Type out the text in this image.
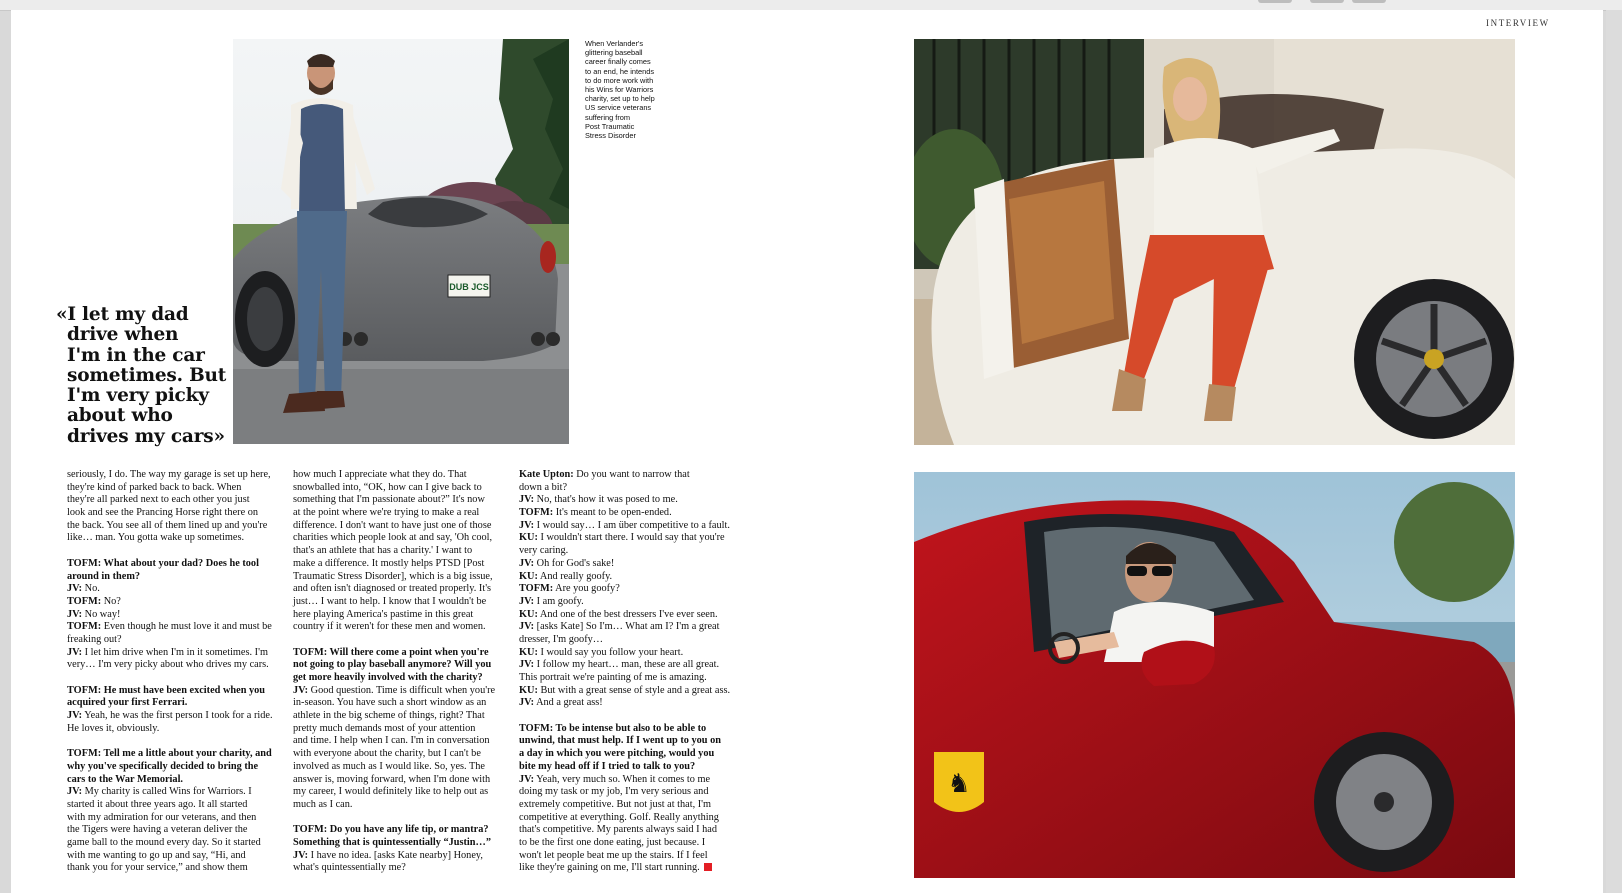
INTERVIEW
DUB JCS
When Verlander's
glittering baseball
career finally comes
to an end, he intends
to do more work with
his Wins for Warriors
charity, set up to help
US service veterans
suffering from
Post Traumatic
Stress Disorder
♞
«I let my dad
drive when
I'm in the car
sometimes. But
I'm very picky
about who
drives my cars»
seriously, I do. The way my garage is set up here,
they're kind of parked back to back. When
they're all parked next to each other you just
look and see the Prancing Horse right there on
the back. You see all of them lined up and you're
like… man. You gotta wake up sometimes.
TOFM: What about your dad? Does he tool
around in them?
JV: No.
TOFM: No?
JV: No way!
TOFM: Even though he must love it and must be
freaking out?
JV: I let him drive when I'm in it sometimes. I'm
very… I'm very picky about who drives my cars.
TOFM: He must have been excited when you
acquired your first Ferrari.
JV: Yeah, he was the first person I took for a ride.
He loves it, obviously.
TOFM: Tell me a little about your charity, and
why you've specifically decided to bring the
cars to the War Memorial.
JV: My charity is called Wins for Warriors. I
started it about three years ago. It all started
with my admiration for our veterans, and then
the Tigers were having a veteran deliver the
game ball to the mound every day. So it started
with me wanting to go up and say, “Hi, and
thank you for your service,” and show them
how much I appreciate what they do. That
snowballed into, “OK, how can I give back to
something that I'm passionate about?” It's now
at the point where we're trying to make a real
difference. I don't want to have just one of those
charities which people look at and say, 'Oh cool,
that's an athlete that has a charity.' I want to
make a difference. It mostly helps PTSD [Post
Traumatic Stress Disorder], which is a big issue,
and often isn't diagnosed or treated properly. It's
just… I want to help. I know that I wouldn't be
here playing America's pastime in this great
country if it weren't for these men and women.
TOFM: Will there come a point when you're
not going to play baseball anymore? Will you
get more heavily involved with the charity?
JV: Good question. Time is difficult when you're
in-season. You have such a short window as an
athlete in the big scheme of things, right? That
pretty much demands most of your attention
and time. I help when I can. I'm in conversation
with everyone about the charity, but I can't be
involved as much as I would like. So, yes. The
answer is, moving forward, when I'm done with
my career, I would definitely like to help out as
much as I can.
TOFM: Do you have any life tip, or mantra?
Something that is quintessentially “Justin…”
JV: I have no idea. [asks Kate nearby] Honey,
what's quintessentially me?
Kate Upton: Do you want to narrow that
down a bit?
JV: No, that's how it was posed to me.
TOFM: It's meant to be open-ended.
JV: I would say… I am über competitive to a fault.
KU: I wouldn't start there. I would say that you're
very caring.
JV: Oh for God's sake!
KU: And really goofy.
TOFM: Are you goofy?
JV: I am goofy.
KU: And one of the best dressers I've ever seen.
JV: [asks Kate] So I'm… What am I? I'm a great
dresser, I'm goofy…
KU: I would say you follow your heart.
JV: I follow my heart… man, these are all great.
This portrait we're painting of me is amazing.
KU: But with a great sense of style and a great ass.
JV: And a great ass!
TOFM: To be intense but also to be able to
unwind, that must help. If I went up to you on
a day in which you were pitching, would you
bite my head off if I tried to talk to you?
JV: Yeah, very much so. When it comes to me
doing my task or my job, I'm very serious and
extremely competitive. But not just at that, I'm
competitive at everything. Golf. Really anything
that's competitive. My parents always said I had
to be the first one done eating, just because. I
won't let people beat me up the stairs. If I feel
like they're gaining on me, I'll start running.
